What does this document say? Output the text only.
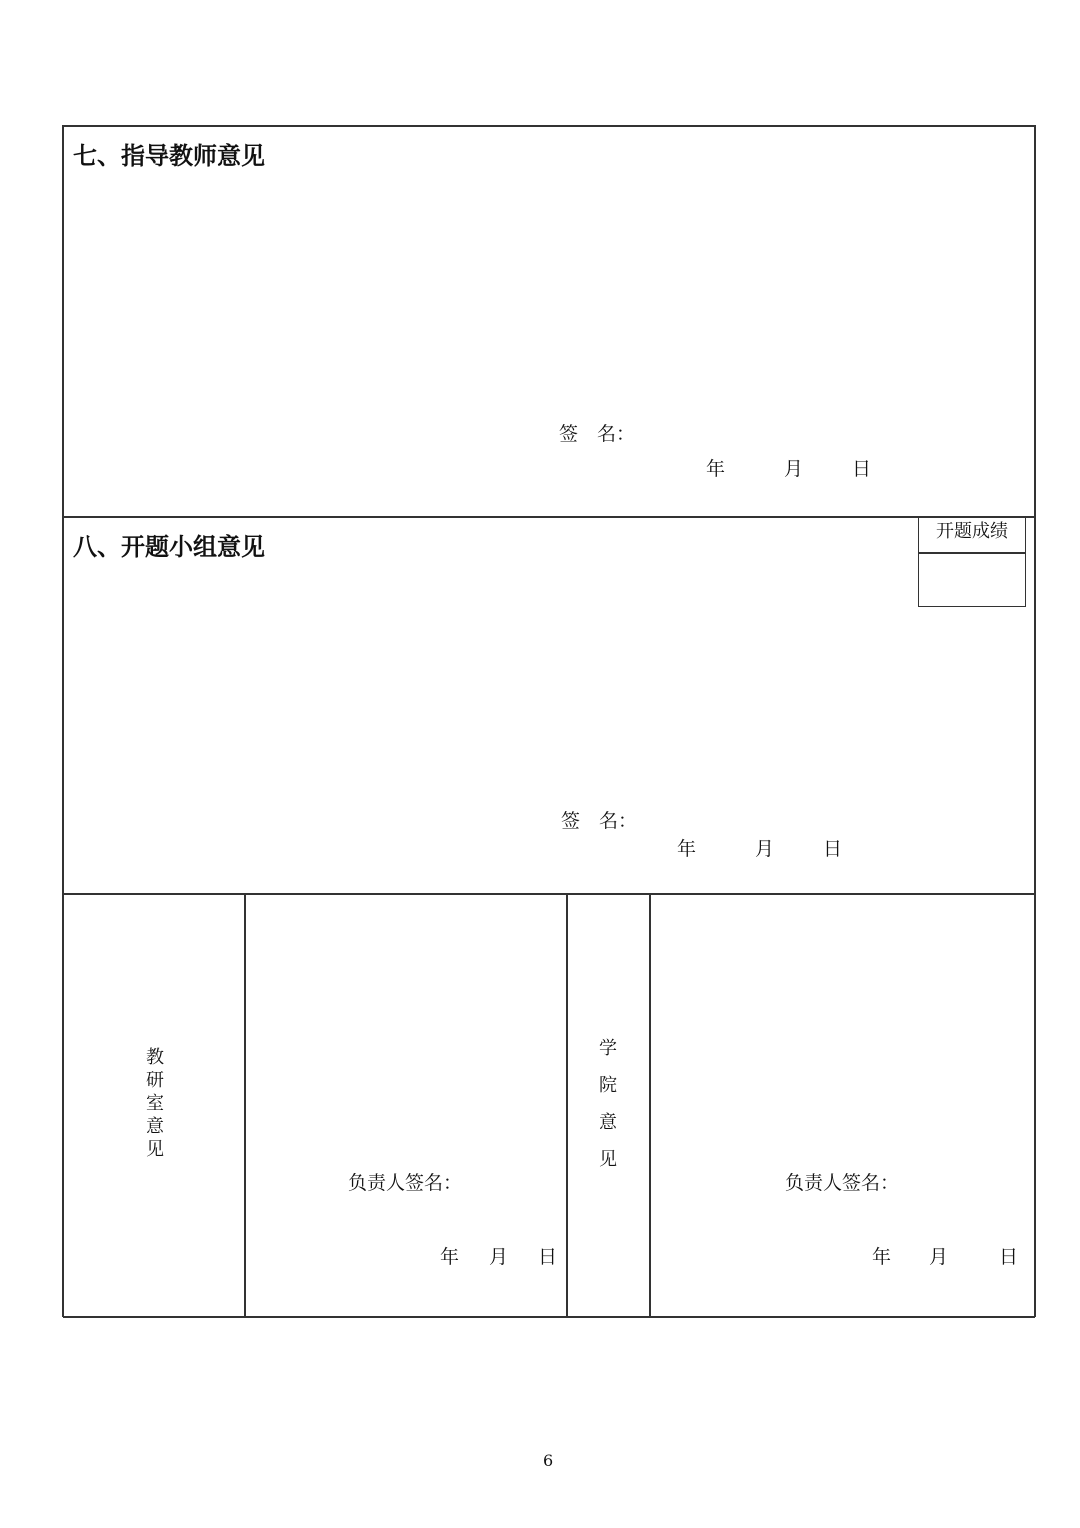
七、指导教师意见
签　名：
年	月	日
八、开题小组意见
开题成绩
签　名：
年	月	日
教研室意见
负责人签名：
年 月 日
学院意见
负责人签名：
年 月	日
6
